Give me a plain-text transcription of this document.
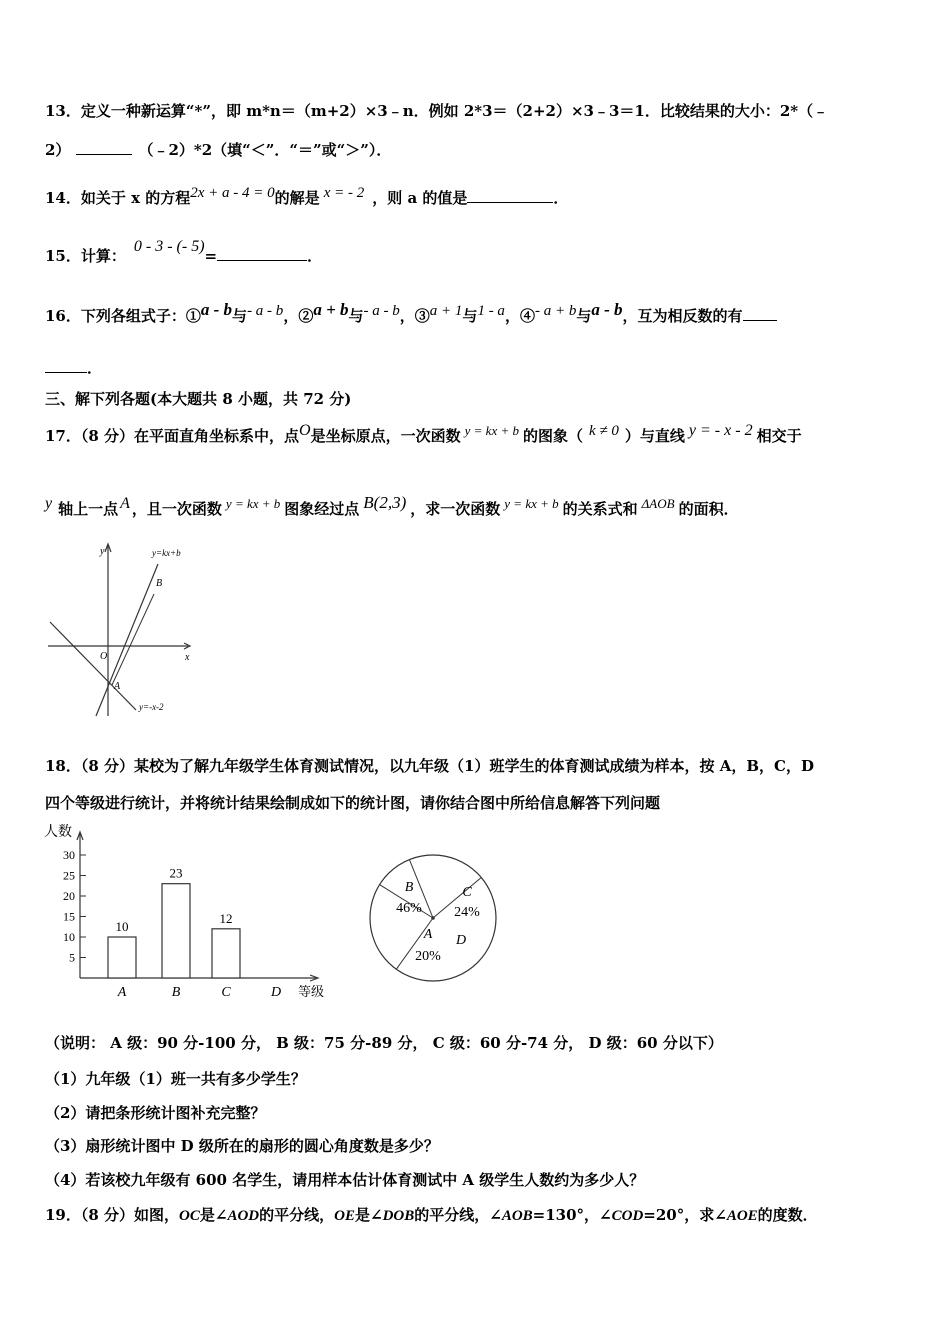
13．定义一种新运算“*”，即 m*n＝（m+2）×3﹣n．例如 2*3＝（2+2）×3﹣3＝1．比较结果的大小：2*（﹣
2）	（﹣2）*2（填“＜”．“＝”或“＞”）．
14．如关于 x 的方程2x + a - 4 = 0的解是 x = - 2 ，则 a 的值是	．
15．计算：0 - 3 - (- 5)=	．
16．下列各组式子：①a - b与- a - b，②a + b与- a - b，③a + 1与1 - a，④- a + b与a - b，互为相反数的有
．
三、解下列各题(本大题共 8 小题，共 72 分)
17．（8 分）在平面直角坐标系中，点O是坐标原点，一次函数 y = kx + b 的图象（ k ≠ 0 ）与直线 y = - x - 2 相交于
y 轴上一点 A ，且一次函数 y = kx + b 图象经过点 B(2,3) ，求一次函数 y = kx + b 的关系式和 ΔAOB 的面积．
y
x
O
y=kx+b
y=-x-2
A
B
18．（8 分）某校为了解九年级学生体育测试情况，以九年级（1）班学生的体育测试成绩为样本，按 A，B，C，D
四个等级进行统计，并将统计结果绘制成如下的统计图，请你结合图中所给信息解答下列问题
人数
等级
5
10
15
20
25
30
10
A
23
B
12
C	D
B
46%
C
24%
D
A
20%
（说明： A 级：90 分-100 分， B 级：75 分-89 分， C 级：60 分-74 分， D 级：60 分以下）
（1）九年级（1）班一共有多少学生？
（2）请把条形统计图补充完整？
（3）扇形统计图中 D 级所在的扇形的圆心角度数是多少？
（4）若该校九年级有 600 名学生，请用样本估计体育测试中 A 级学生人数约为多少人？
19．（8 分）如图，OC是∠AOD的平分线，OE是∠DOB的平分线，∠AOB=130°，∠COD=20°，求∠AOE的度数．
